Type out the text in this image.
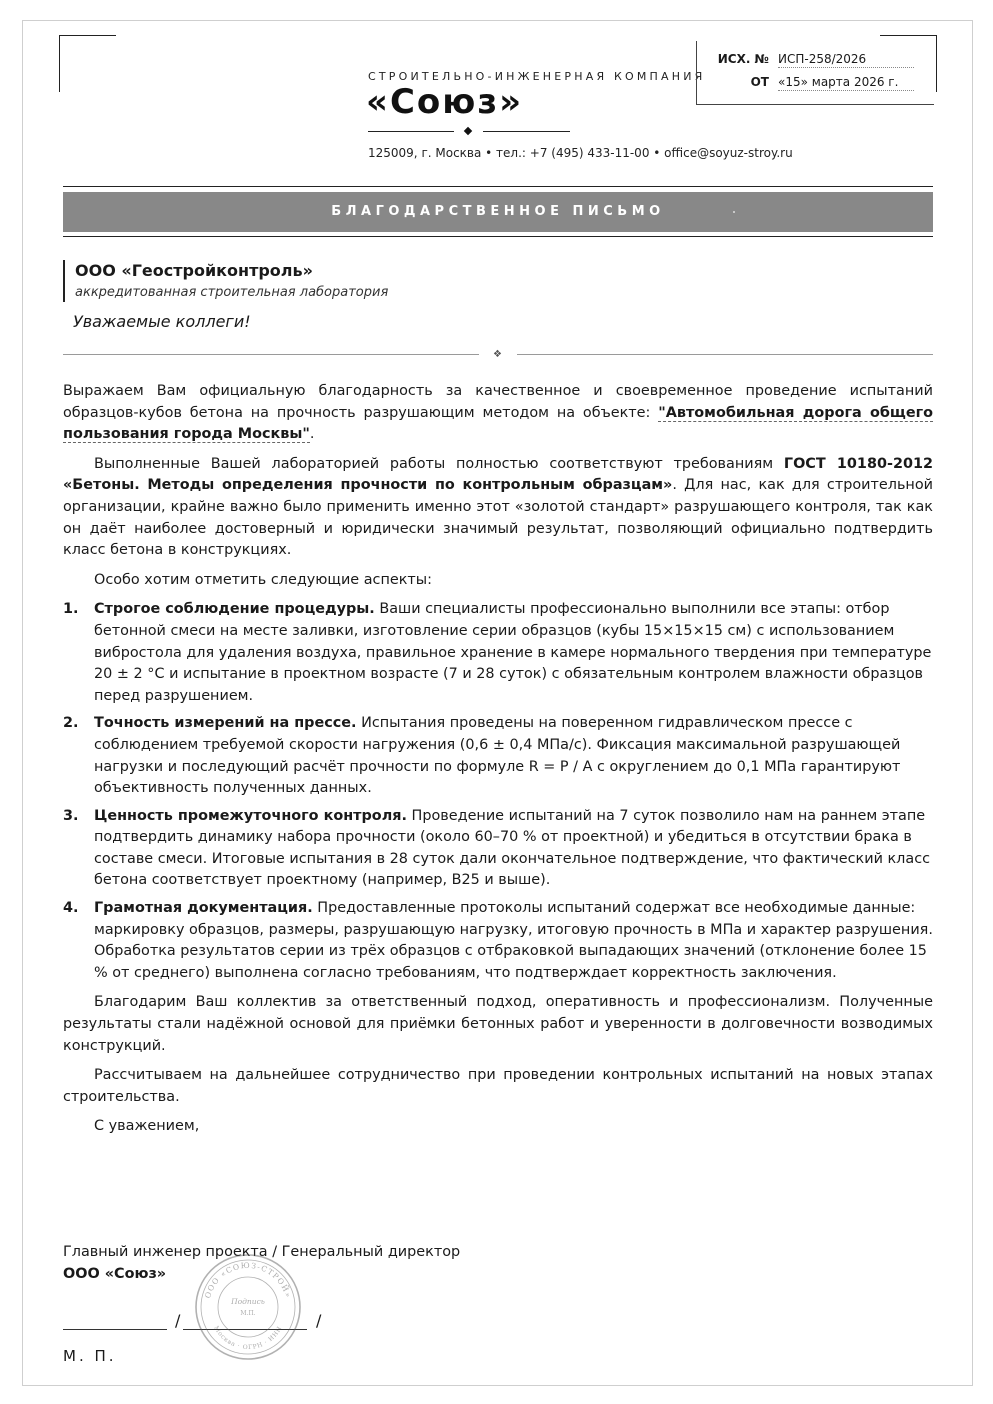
СТРОИТЕЛЬНО-ИНЖЕНЕРНАЯ КОМПАНИЯ
«Союз»
125009, г. Москва • тел.: +7 (495) 433-11-00 • office@soyuz-stroy.ru
ИСХ. № ИСП-258/2026
ОТ «15» марта 2026 г.
БЛАГОДАРСТВЕННОЕ ПИСЬМО
ООО «Геостройконтроль»
аккредитованная строительная лаборатория
Уважаемые коллеги!
❖

Выражаем Вам официальную благодарность за качественное и своевременное проведение испытаний образцов-кубов бетона на прочность разрушающим методом на объекте: "Автомобильная дорога общего пользования города Москвы".

Выполненные Вашей лабораторией работы полностью соответствуют требованиям ГОСТ 10180-2012 «Бетоны. Методы определения прочности по контрольным образцам». Для нас, как для строительной организации, крайне важно было применить именно этот «золотой стандарт» разрушающего контроля, так как он даёт наиболее достоверный и юридически значимый результат, позволяющий официально подтвердить класс бетона в конструкциях.

Особо хотим отметить следующие аспекты:

1. Строгое соблюдение процедуры. Ваши специалисты профессионально выполнили все этапы: отбор бетонной смеси на месте заливки, изготовление серии образцов (кубы 15×15×15 см) с использованием вибростола для удаления воздуха, правильное хранение в камере нормального твердения при температуре 20 ± 2 °C и испытание в проектном возрасте (7 и 28 суток) с обязательным контролем влажности образцов перед разрушением.
2. Точность измерений на прессе. Испытания проведены на поверенном гидравлическом прессе с соблюдением требуемой скорости нагружения (0,6 ± 0,4 МПа/с). Фиксация максимальной разрушающей нагрузки и последующий расчёт прочности по формуле R = P / A с округлением до 0,1 МПа гарантируют объективность полученных данных.
3. Ценность промежуточного контроля. Проведение испытаний на 7 суток позволило нам на раннем этапе подтвердить динамику набора прочности (около 60–70 % от проектной) и убедиться в отсутствии брака в составе смеси. Итоговые испытания в 28 суток дали окончательное подтверждение, что фактический класс бетона соответствует проектному (например, B25 и выше).
4. Грамотная документация. Предоставленные протоколы испытаний содержат все необходимые данные: маркировку образцов, размеры, разрушающую нагрузку, итоговую прочность в МПа и характер разрушения. Обработка результатов серии из трёх образцов с отбраковкой выпадающих значений (отклонение более 15 % от среднего) выполнена согласно требованиям, что подтверждает корректность заключения.

Благодарим Ваш коллектив за ответственный подход, оперативность и профессионализм. Полученные результаты стали надёжной основой для приёмки бетонных работ и уверенности в долговечности возводимых конструкций.

Рассчитываем на дальнейшее сотрудничество при проведении контрольных испытаний на новых этапах строительства.

С уважением,

Главный инженер проекта / Генеральный директор
ООО «Союз»
/	/
М. П.
ООО «СОЮЗ-СТРОЙ»
Москва · ОГРН · ИНН
Подпись
М.П.
